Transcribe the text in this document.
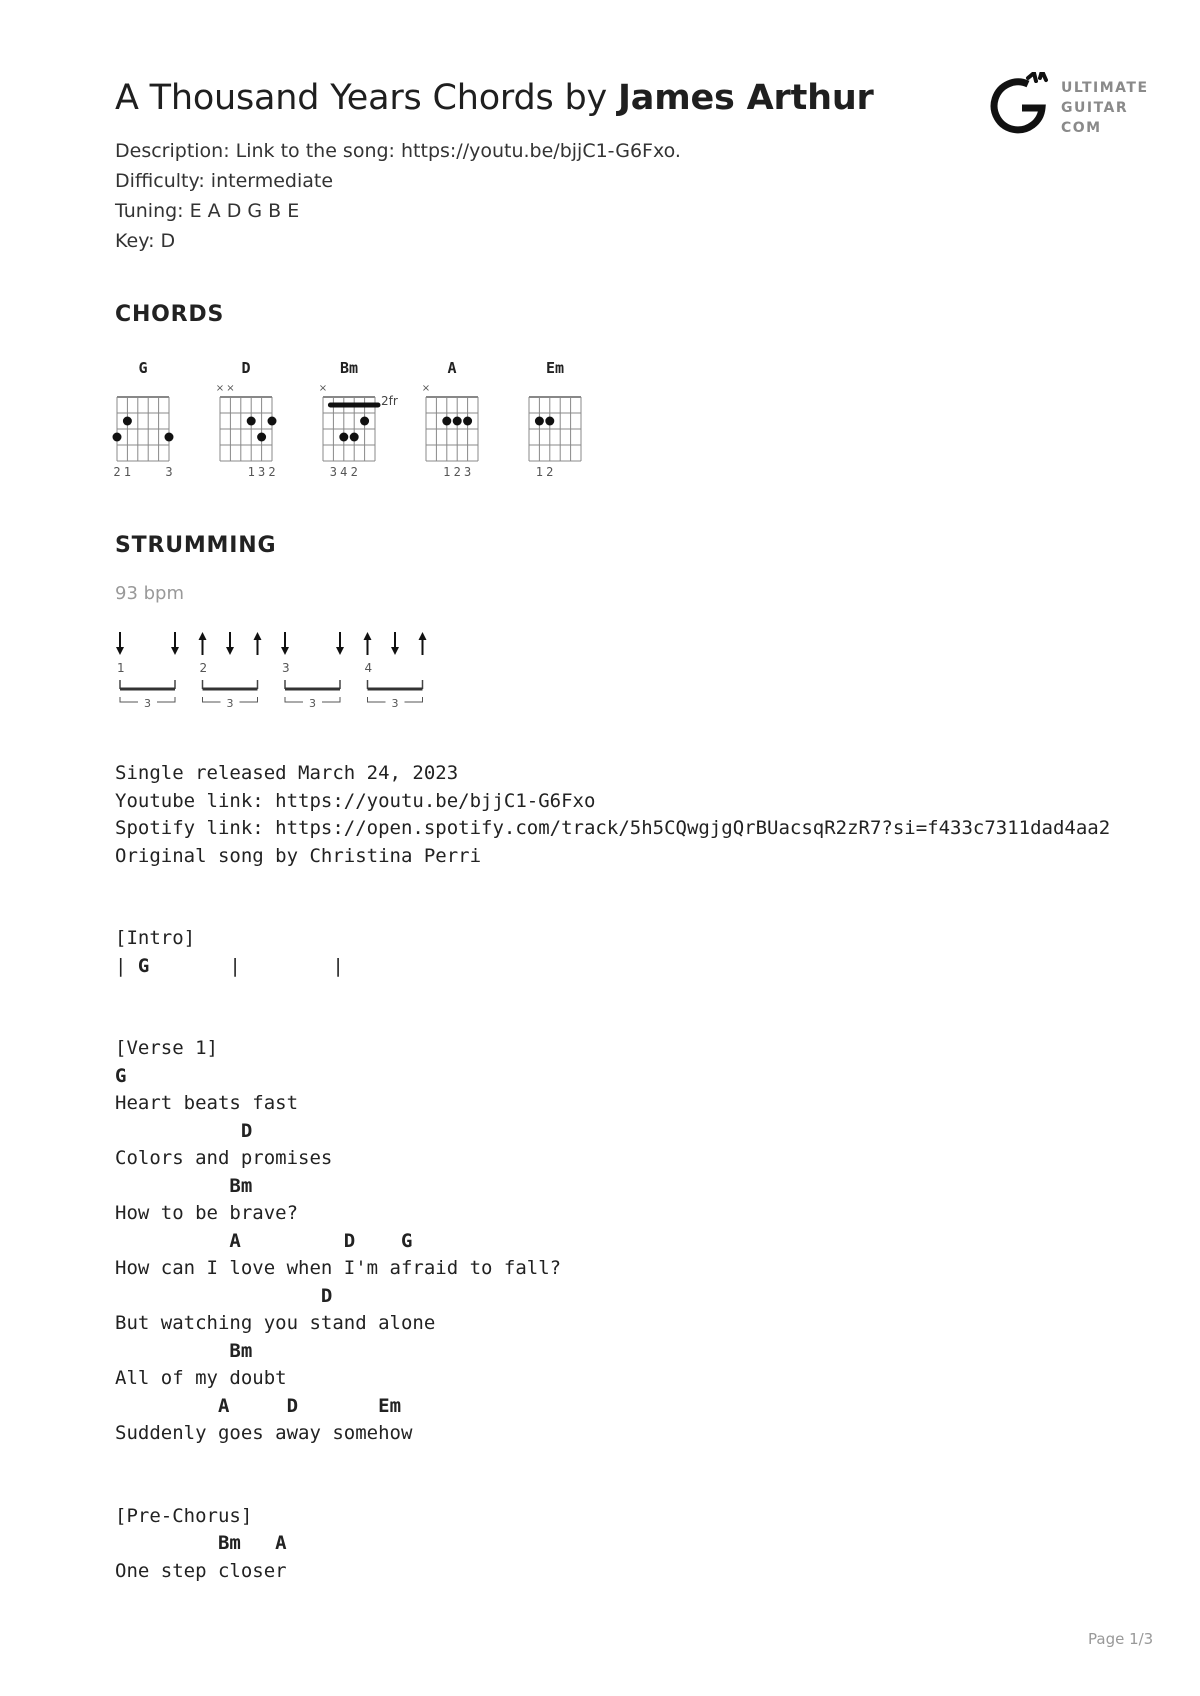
A Thousand Years Chords by James Arthur	ULTIMATE
GUITAR
COM
Description: Link to the song: https://youtu.be/bjjC1-G6Fxo.
Difficulty: intermediate
Tuning: E A D G B E
Key: D
CHORDS
G
2 1	3
D
× ×
1 3 2
Bm
×
2fr
3 4 2
A
×
1 2 3
Em
1 2
STRUMMING
93 bpm
1
3
2
3
3
3
4
3
Single released March 24, 2023
Youtube link: https://youtu.be/bjjC1-G6Fxo
Spotify link: https://open.spotify.com/track/5h5CQwgjgQrBUacsqR2zR7?si=f433c7311dad4aa2
Original song by Christina Perri
[Intro]
| G       |        |
[Verse 1]
G
Heart beats fast
D
Colors and promises
Bm
How to be brave?
A	D G
How can I love when I'm afraid to fall?
D
But watching you stand alone
Bm
All of my doubt
A	D	Em
Suddenly goes away somehow
[Pre-Chorus]
Bm A
One step closer
Page 1/3
